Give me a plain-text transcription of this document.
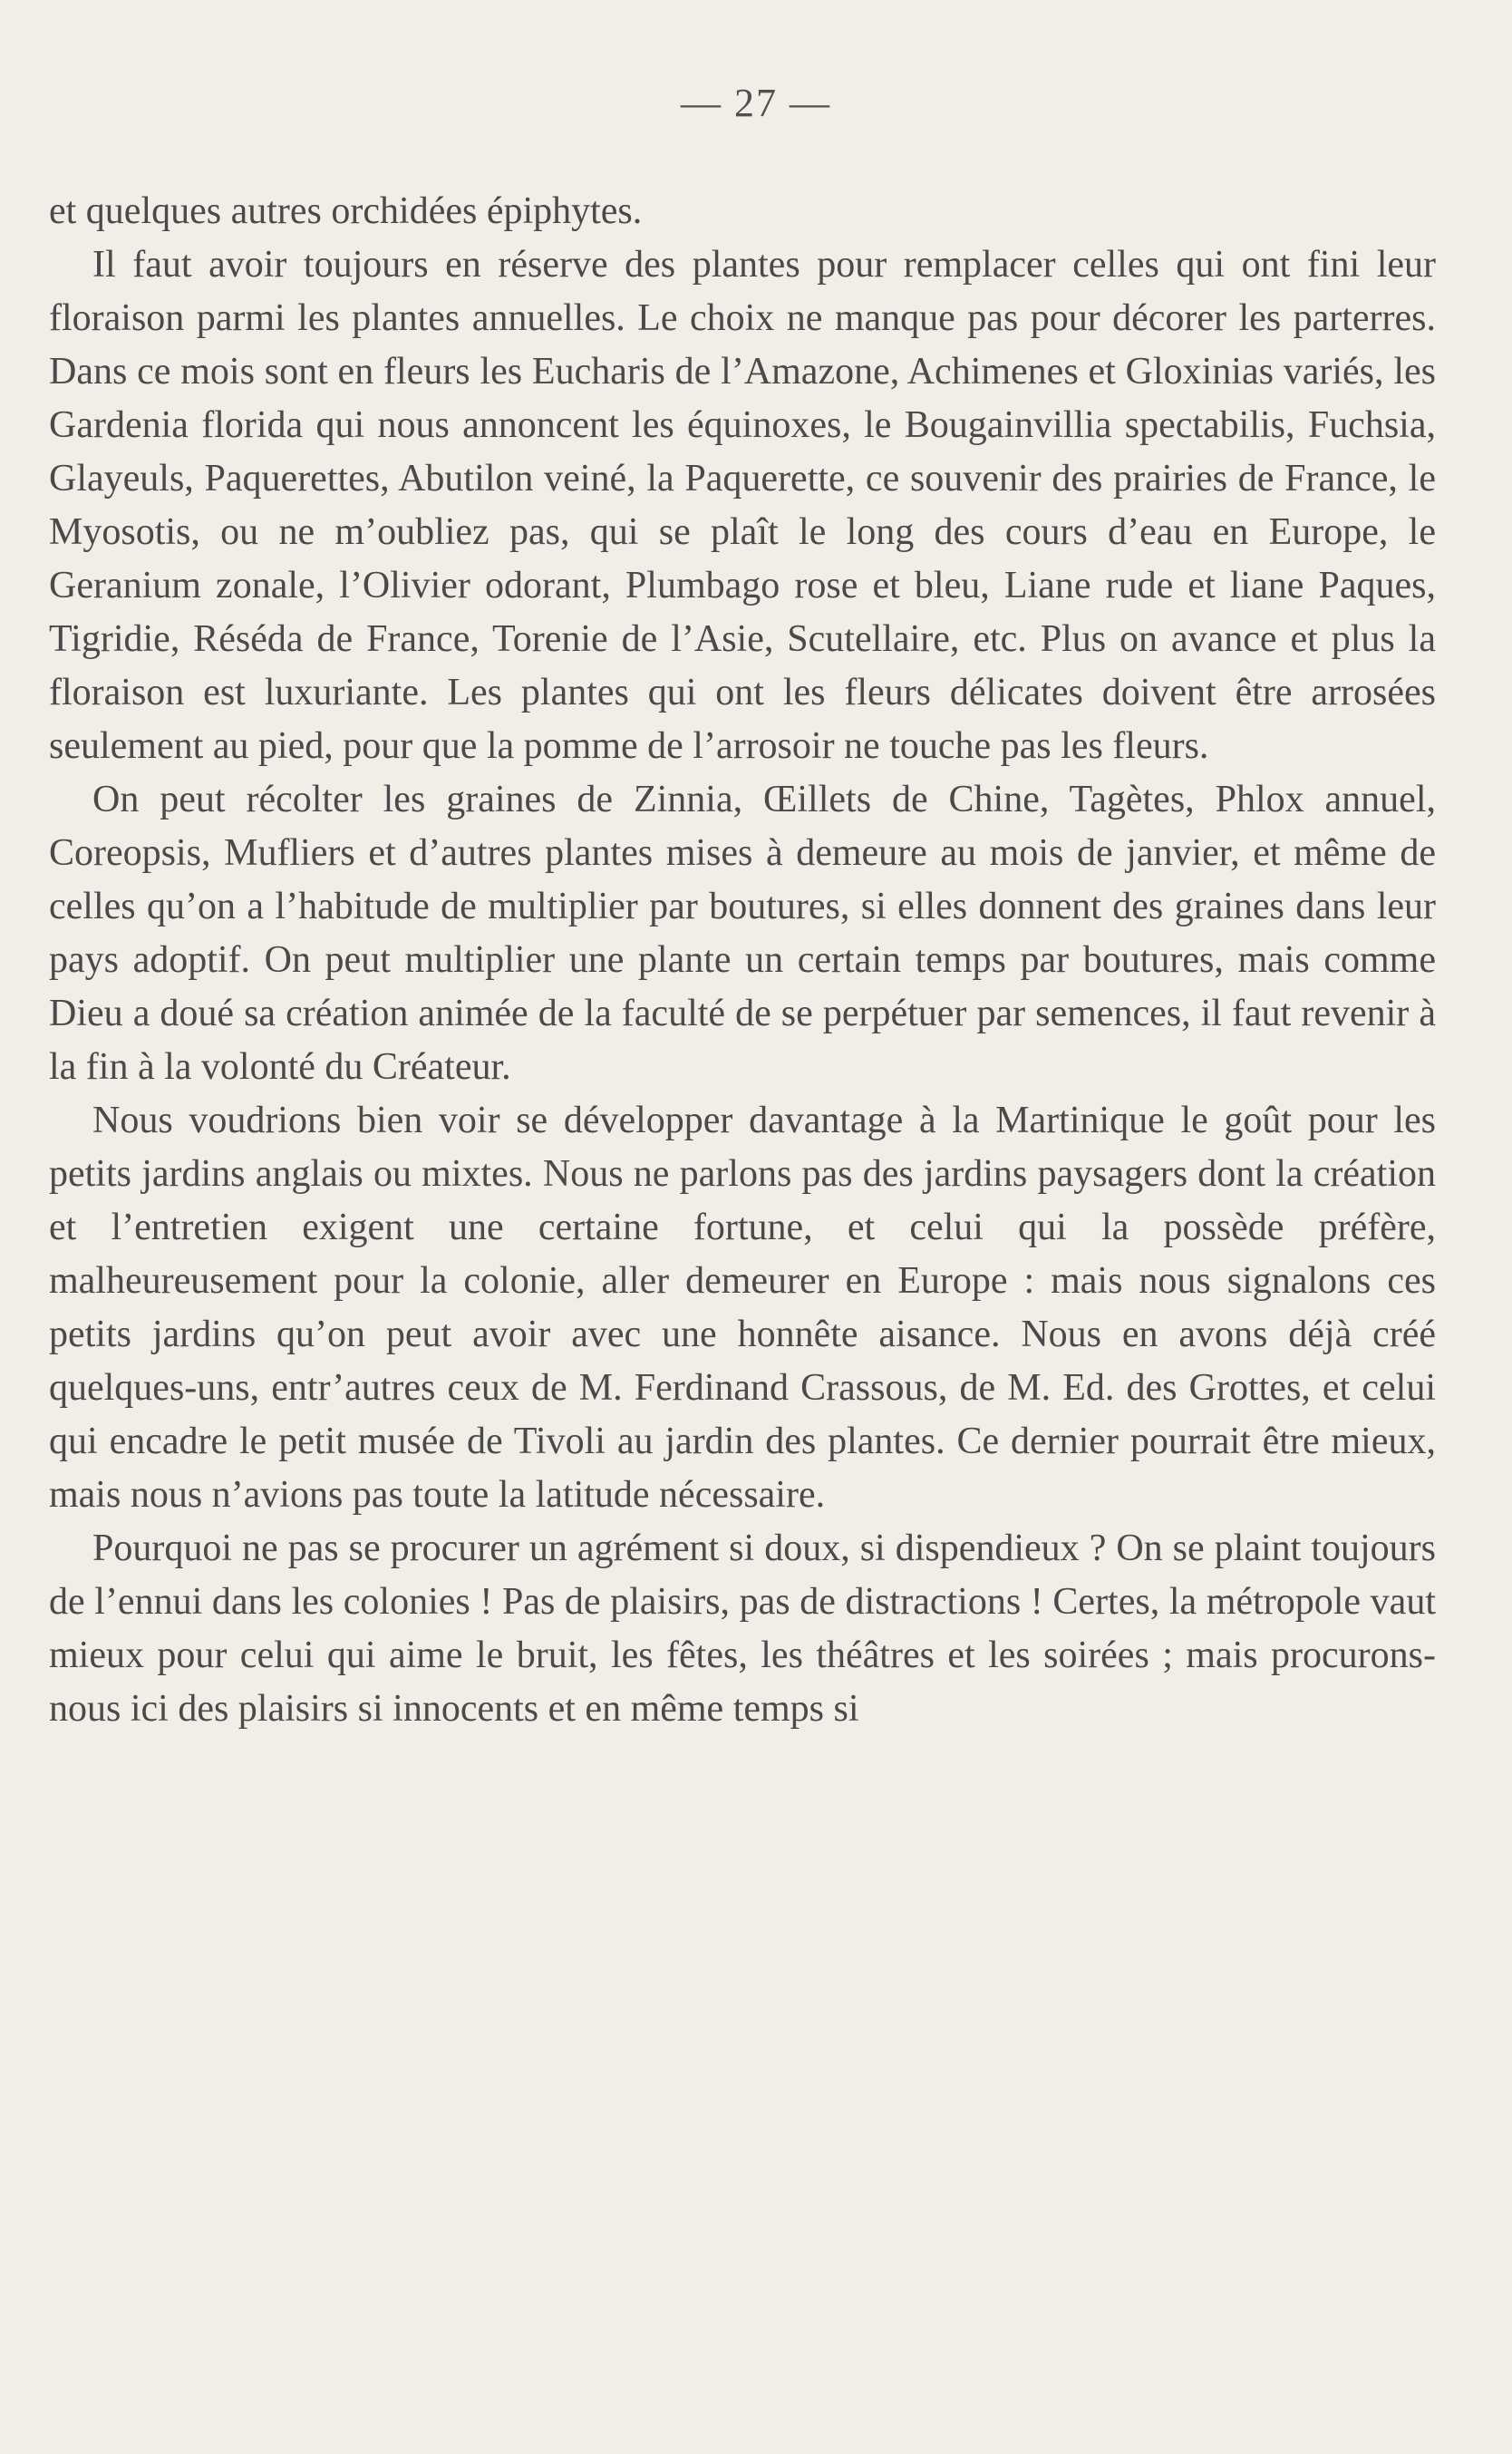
— 27 —

et quelques autres orchidées épiphytes.

Il faut avoir toujours en réserve des plantes pour remplacer celles qui ont fini leur floraison parmi les plantes annuelles. Le choix ne manque pas pour décorer les parterres. Dans ce mois sont en fleurs les Eucharis de l’Amazone, Achimenes et Gloxinias variés, les Gardenia florida qui nous annoncent les équinoxes, le Bougainvillia spectabilis, Fuchsia, Glayeuls, Paquerettes, Abutilon veiné, la Paquerette, ce souvenir des prairies de France, le Myosotis, ou ne m’oubliez pas, qui se plaît le long des cours d’eau en Europe, le Geranium zonale, l’Olivier odorant, Plumbago rose et bleu, Liane rude et liane Paques, Tigridie, Réséda de France, Torenie de l’Asie, Scutellaire, etc. Plus on avance et plus la floraison est luxuriante. Les plantes qui ont les fleurs délicates doivent être arrosées seulement au pied, pour que la pomme de l’arrosoir ne touche pas les fleurs.

On peut récolter les graines de Zinnia, Œillets de Chine, Tagètes, Phlox annuel, Coreopsis, Mufliers et d’autres plantes mises à demeure au mois de janvier, et même de celles qu’on a l’habitude de multiplier par boutures, si elles donnent des graines dans leur pays adoptif. On peut multiplier une plante un certain temps par boutures, mais comme Dieu a doué sa création animée de la faculté de se perpétuer par semences, il faut revenir à la fin à la volonté du Créateur.

Nous voudrions bien voir se développer davantage à la Martinique le goût pour les petits jardins anglais ou mixtes. Nous ne parlons pas des jardins paysagers dont la création et l’entretien exigent une certaine fortune, et celui qui la possède préfère, malheureusement pour la colonie, aller demeurer en Europe : mais nous signalons ces petits jardins qu’on peut avoir avec une honnête aisance. Nous en avons déjà créé quelques-uns, entr’autres ceux de M. Ferdinand Crassous, de M. Ed. des Grottes, et celui qui encadre le petit musée de Tivoli au jardin des plantes. Ce dernier pourrait être mieux, mais nous n’avions pas toute la latitude nécessaire.

Pourquoi ne pas se procurer un agrément si doux, si dispendieux ? On se plaint toujours de l’ennui dans les colonies ! Pas de plaisirs, pas de distractions ! Certes, la métropole vaut mieux pour celui qui aime le bruit, les fêtes, les théâtres et les soirées ; mais procurons-nous ici des plaisirs si innocents et en même temps si
